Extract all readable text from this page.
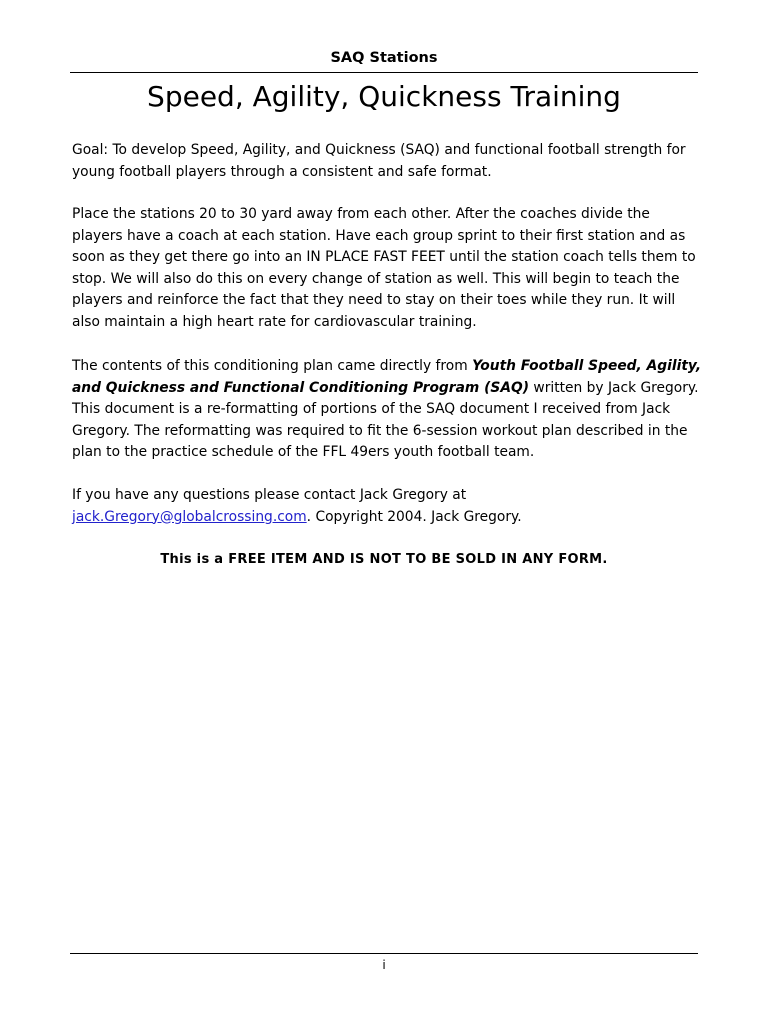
SAQ Stations
Speed, Agility, Quickness Training

Goal: To develop Speed, Agility, and Quickness (SAQ) and functional football strength for young football players through a consistent and safe format.

Place the stations 20 to 30 yard away from each other. After the coaches divide the players have a coach at each station. Have each group sprint to their first station and as soon as they get there go into an IN PLACE FAST FEET until the station coach tells them to stop. We will also do this on every change of station as well. This will begin to teach the players and reinforce the fact that they need to stay on their toes while they run. It will also maintain a high heart rate for cardiovascular training.

The contents of this conditioning plan came directly from Youth Football Speed, Agility, and Quickness and Functional Conditioning Program (SAQ) written by Jack Gregory. This document is a re-formatting of portions of the SAQ document I received from Jack Gregory. The reformatting was required to fit the 6-session workout plan described in the plan to the practice schedule of the FFL 49ers youth football team.

If you have any questions please contact Jack Gregory at jack.Gregory@globalcrossing.com. Copyright 2004. Jack Gregory.

This is a FREE ITEM AND IS NOT TO BE SOLD IN ANY FORM.
i
